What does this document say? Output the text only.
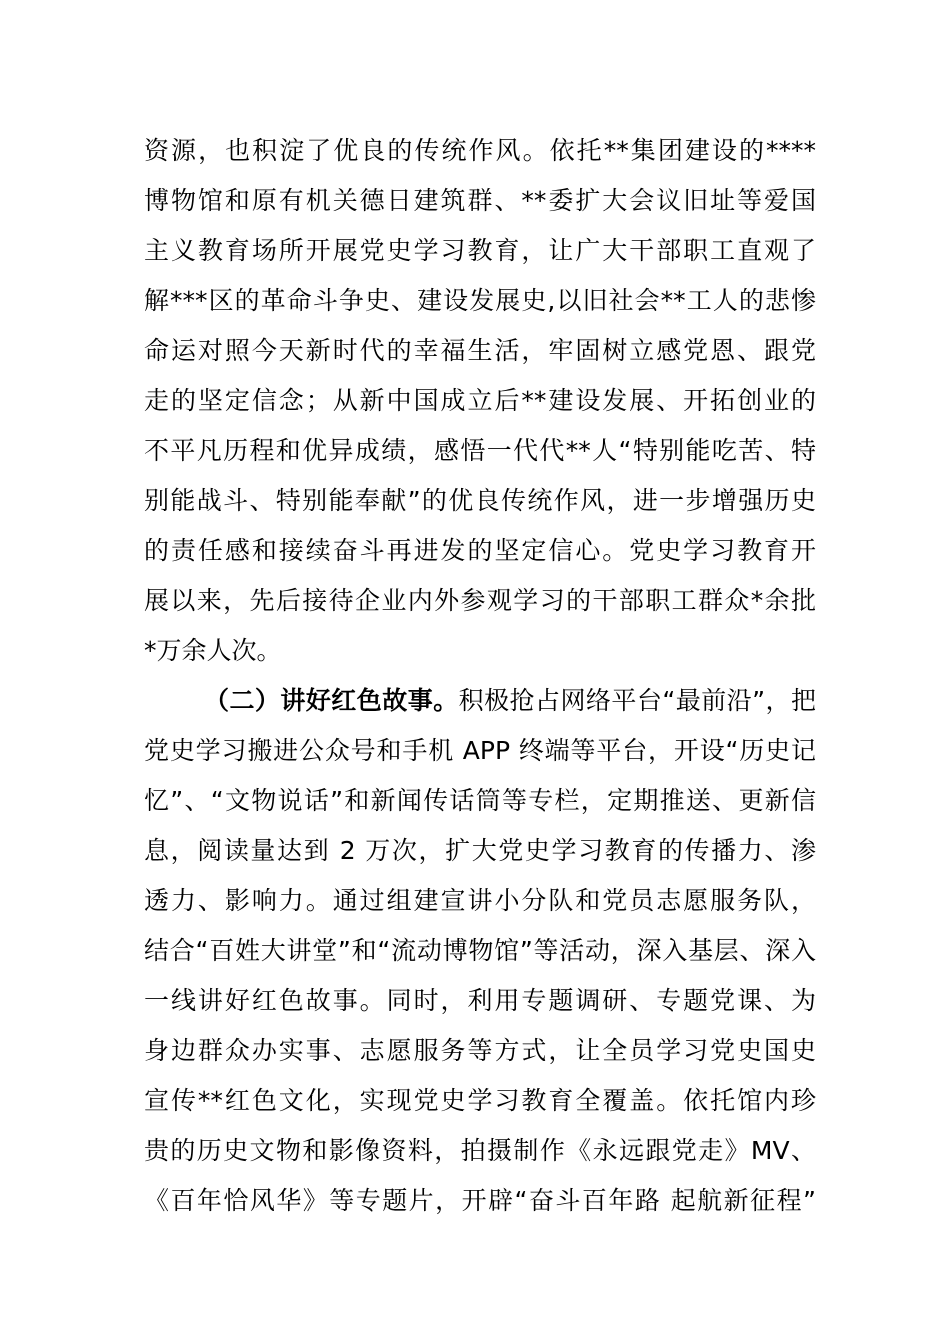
资源，也积淀了优良的传统作风。依托**集团建设的****
博物馆和原有机关德日建筑群、**委扩大会议旧址等爱国
主义教育场所开展党史学习教育，让广大干部职工直观了
解***区的革命斗争史、建设发展史,以旧社会**工人的悲惨
命运对照今天新时代的幸福生活，牢固树立感党恩、跟党
走的坚定信念；从新中国成立后**建设发展、开拓创业的
不平凡历程和优异成绩，感悟一代代**人“特别能吃苦、特
别能战斗、特别能奉献”的优良传统作风，进一步增强历史
的责任感和接续奋斗再进发的坚定信心。党史学习教育开
展以来，先后接待企业内外参观学习的干部职工群众*余批
*万余人次。
（二）讲好红色故事。积极抢占网络平台“最前沿”，把
党史学习搬进公众号和手机 APP 终端等平台，开设“历史记
忆”、“文物说话”和新闻传话筒等专栏，定期推送、更新信
息，阅读量达到 2 万次，扩大党史学习教育的传播力、渗
透力、影响力。通过组建宣讲小分队和党员志愿服务队，
结合“百姓大讲堂”和“流动博物馆”等活动，深入基层、深入
一线讲好红色故事。同时，利用专题调研、专题党课、为
身边群众办实事、志愿服务等方式，让全员学习党史国史
宣传**红色文化，实现党史学习教育全覆盖。依托馆内珍
贵的历史文物和影像资料，拍摄制作《永远跟党走》MV、
《百年恰风华》等专题片，开辟“奋斗百年路 起航新征程”
